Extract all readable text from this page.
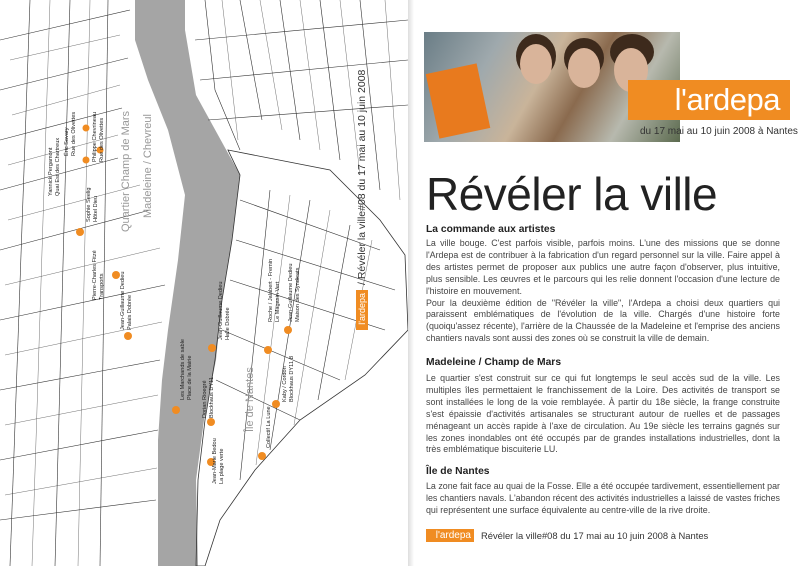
Quartier Champ de Mars Madeleine / Chevreul
Île de Nantes
Yannick Pergamont
Quai Est des Chartreux Éric Savary
Rue des Olivettes	Philippe Chevrineau
Rue des Olivettes
Sophie Seelig
Hôtel Dieu
Pierre-Charles Fitzé
Transports	Jean-Guillaume Dedieu
Palais Dobrée	Jean-Guillaume Dedieu
Halle Dobrée
Roche / Jalabert - Fremin
Le Magasin Vert Jean-Guillaume Dedieu
Maison des Syndicats
Les Marchands de sable
Place de la Mairie Dorian Rioegré
Blockhaus DY11	Kaby / Cordon
Blockhaus DY11 B
Collectif La Lune

Jean-Marie Bedou
La plage verte
l'ardepa
/ Révéler la ville#08 du 17 mai au 10 juin 2008	l'ardepa
du 17 mai au 10 juin 2008 à Nantes
Révéler la ville
La commande aux artistes

La ville bouge. C'est parfois visible, parfois moins. L'une des missions que se donne l'Ardepa est de contribuer à la fabrication d'un regard personnel sur la ville. Faire appel à des artistes permet de proposer aux publics une autre façon d'observer, plus intuitive, plus sensible. Les œuvres et le parcours qui les relie donnent l'occasion d'une lecture de l'histoire en mouvement.

Pour la deuxième édition de "Révéler la ville", l'Ardepa a choisi deux quartiers qui paraissent emblématiques de l'évolution de la ville. Chargés d'une histoire forte (quoiqu'assez récente), l'arrière de la Chaussée de la Madeleine et l'emprise des anciens chantiers navals sont aussi des zones où se construit la ville de demain.

Madeleine / Champ de Mars

Le quartier s'est construit sur ce qui fut longtemps le seul accès sud de la ville. Les multiples îles permettaient le franchissement de la Loire. Des activités de transport se sont installées le long de la voie remblayée. À partir du 18e siècle, la frange construite s'est épaissie d'activités artisanales se structurant autour de ruelles et de passages ménageant un accès rapide à l'axe de circulation. Au 19e siècle les terrains gagnés sur les zones inondables ont été occupés par de grandes installations industrielles, dont la très emblématique biscuiterie LU.

Île de Nantes

La zone fait face au quai de la Fosse. Elle a été occupée tardivement, essentiellement par les chantiers navals. L'abandon récent des activités industrielles a laissé de vastes friches qui représentent une surface équivalente au centre-ville de la rive droite.

l'ardepa	Révéler la ville#08 du 17 mai au 10 juin 2008 à Nantes
